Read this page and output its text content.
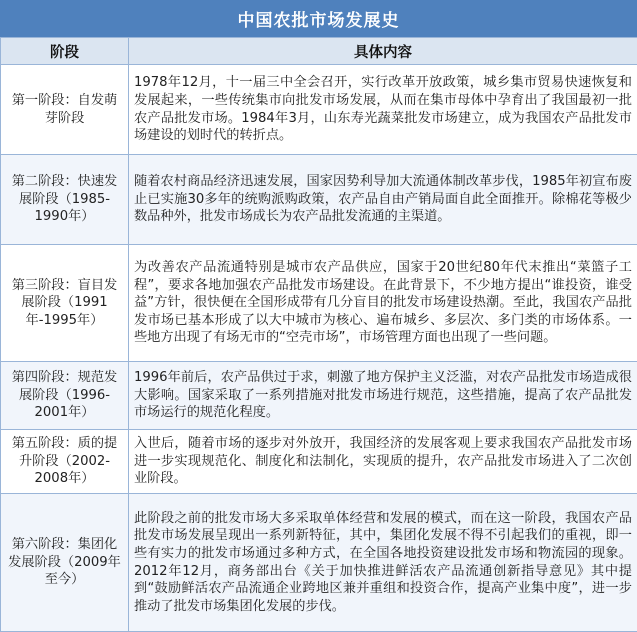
中国农批市场发展史
阶段	具体内容
第一阶段：自发萌芽阶段	1978年12月，十一届三中全会召开，实行改革开放政策，城乡集市贸易快速恢复和发展起来，一些传统集市向批发市场发展，从而在集市母体中孕育出了我国最初一批农产品批发市场。1984年3月，山东寿光蔬菜批发市场建立，成为我国农产品批发市场建设的划时代的转折点。
第二阶段：快速发展阶段（1985-1990年）	随着农村商品经济迅速发展，国家因势利导加大流通体制改革步伐，1985年初宣布废止已实施30多年的统购派购政策，农产品自由产销局面自此全面推开。除棉花等极少数品种外，批发市场成长为农产品批发流通的主渠道。
第三阶段：盲目发展阶段（1991年-1995年）	为改善农产品流通特别是城市农产品供应，国家于20世纪80年代末推出“菜篮子工程”，要求各地加强农产品批发市场建设。在此背景下，不少地方提出“谁投资，谁受益”方针，很快便在全国形成带有几分盲目的批发市场建设热潮。至此，我国农产品批发市场已基本形成了以大中城市为核心、遍布城乡、多层次、多门类的市场体系。一些地方出现了有场无市的“空壳市场”，市场管理方面也出现了一些问题。
第四阶段：规范发展阶段（1996-2001年）	1996年前后，农产品供过于求，刺激了地方保护主义泛滥，对农产品批发市场造成很大影响。国家采取了一系列措施对批发市场进行规范，这些措施，提高了农产品批发市场运行的规范化程度。
第五阶段：质的提升阶段（2002-2008年）	入世后，随着市场的逐步对外放开，我国经济的发展客观上要求我国农产品批发市场进一步实现规范化、制度化和法制化，实现质的提升，农产品批发市场进入了二次创业阶段。
第六阶段：集团化发展阶段（2009年至今）	此阶段之前的批发市场大多采取单体经营和发展的模式，而在这一阶段，我国农产品批发市场发展呈现出一系列新特征，其中，集团化发展不得不引起我们的重视，即一些有实力的批发市场通过多种方式，在全国各地投资建设批发市场和物流园的现象。2012年12月，商务部出台《关于加快推进鲜活农产品流通创新指导意见》其中提到“鼓励鲜活农产品流通企业跨地区兼并重组和投资合作，提高产业集中度”，进一步推动了批发市场集团化发展的步伐。
